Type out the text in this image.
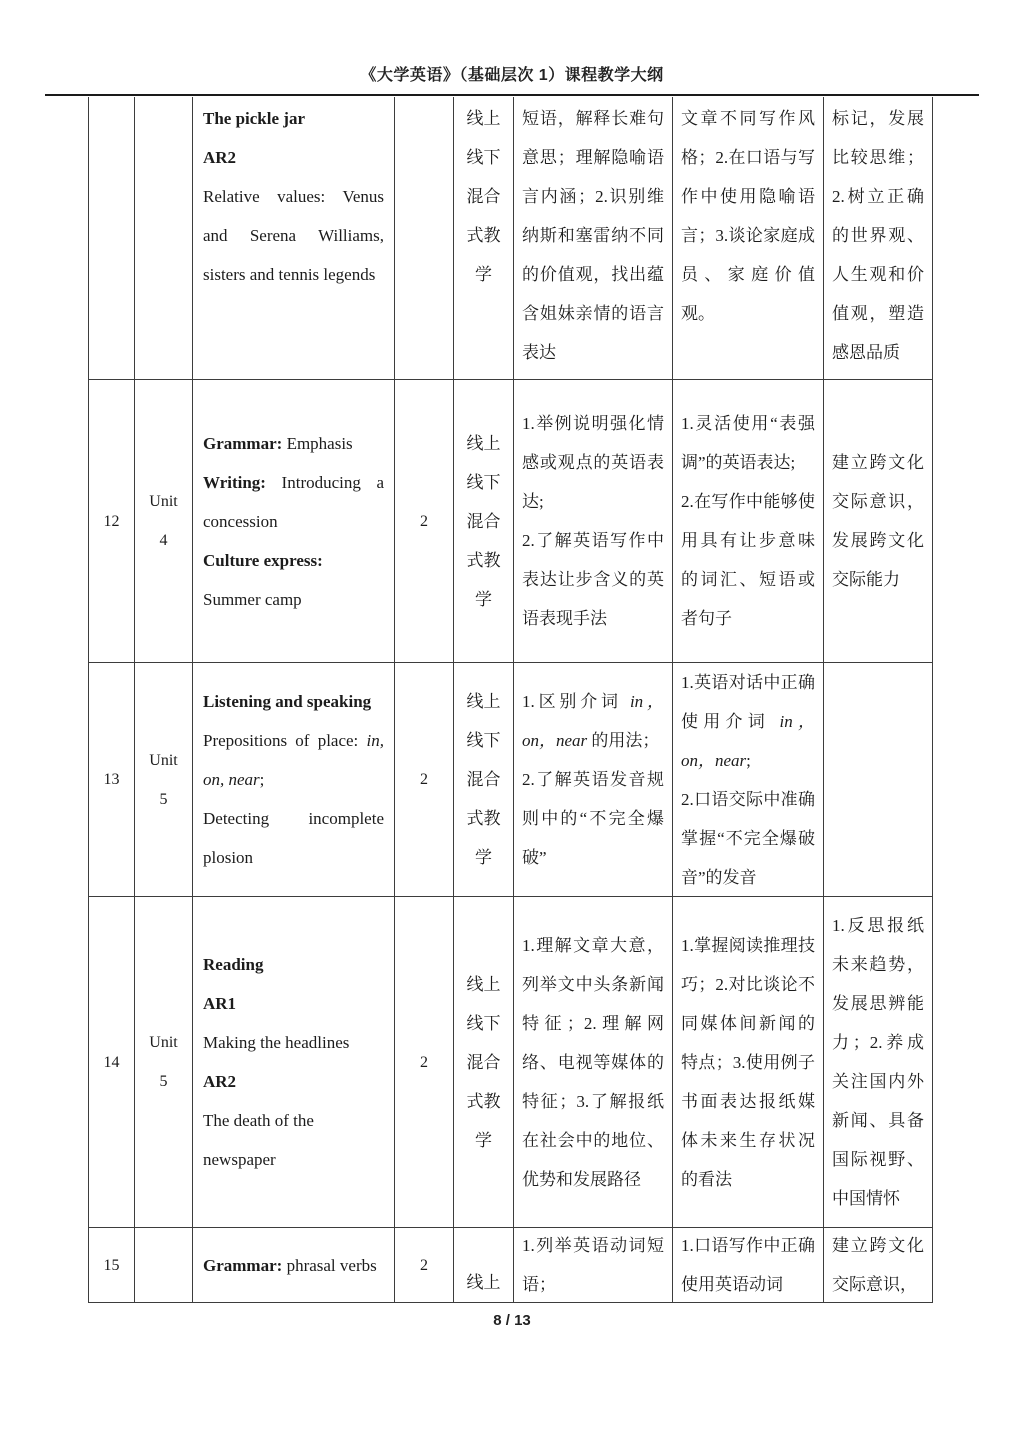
《大学英语》（基础层次 1）课程教学大纲

The pickle jar

AR2

Relative values: Venus and Serena Williams, sisters and tennis legends

线上

线下

混合

式教

学

短语，解释长难句意思；理解隐喻语言内涵；2.识别维纳斯和塞雷纳不同的价值观，找出蕴含姐妹亲情的语言表达

文章不同写作风格；2.在口语与写作中使用隐喻语言；3.谈论家庭成员、家庭价值观。

标记，发展比较思维；2.树立正确的世界观、人生观和价值观，塑造感恩品质

12

Unit

4

Grammar: Emphasis

Writing: Introducing a concession

Culture express:

Summer camp

2

线上

线下

混合

式教

学

1.举例说明强化情感或观点的英语表达;

2.了解英语写作中表达让步含义的英语表现手法

1.灵活使用“表强调”的英语表达;

2.在写作中能够使用具有让步意味的词汇、短语或者句子

建立跨文化交际意识，发展跨文化交际能力

13

Unit

5

Listening and speaking

Prepositions of place: in, on, near;

Detecting incomplete plosion

2

线上

线下

混合

式教

学

1.区别介词 in，on，near 的用法；

2.了解英语发音规则中的“不完全爆破”

1.英语对话中正确使用介词 in，on，near;

2.口语交际中准确掌握“不完全爆破音”的发音

14

Unit

5

Reading

AR1

Making the headlines

AR2

The death of the newspaper

2

线上

线下

混合

式教

学

1.理解文章大意，列举文中头条新闻特征；2.理解网络、电视等媒体的特征；3.了解报纸在社会中的地位、优势和发展路径

1.掌握阅读推理技巧；2.对比谈论不同媒体间新闻的特点；3.使用例子书面表达报纸媒体未来生存状况的看法

1.反思报纸未来趋势，发展思辨能力；2.养成关注国内外新闻、具备国际视野、中国情怀

15	Grammar: phrasal verbs	2

线上

1.列举英语动词短语；

1.口语写作中正确使用英语动词

建立跨文化交际意识，

8 / 13
